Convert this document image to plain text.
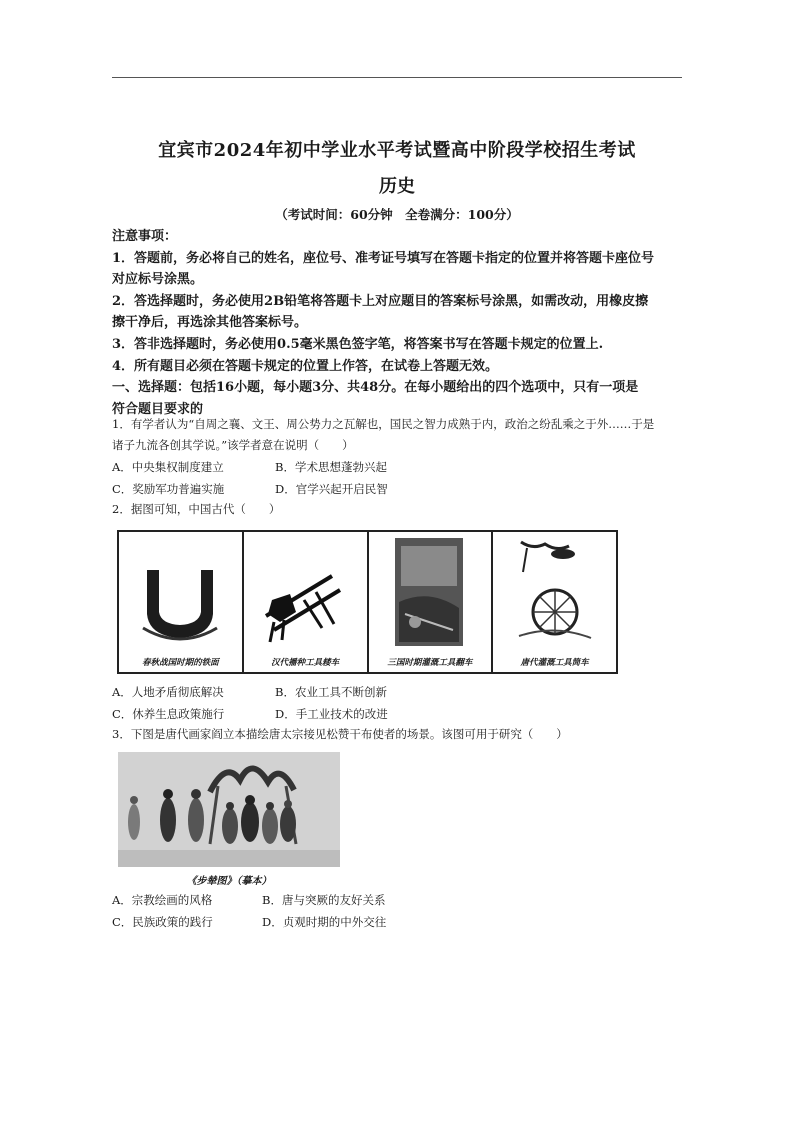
宜宾市2024年初中学业水平考试暨高中阶段学校招生考试
历史
（考试时间：60分钟　全卷满分：100分）

注意事项：

1．答题前，务必将自己的姓名，座位号、准考证号填写在答题卡指定的位置并将答题卡座位号

对应标号涂黑。

2．答选择题时，务必使用2B铅笔将答题卡上对应题目的答案标号涂黑，如需改动，用橡皮擦

擦干净后，再选涂其他答案标号。

3．答非选择题时，务必使用0.5毫米黑色签字笔，将答案书写在答题卡规定的位置上.

4．所有题目必须在答题卡规定的位置上作答，在试卷上答题无效。

一、选择题：包括16小题，每小题3分、共48分。在每小题给出的四个选项中，只有一项是

符合题目要求的

1．有学者认为“自周之襄、文王、周公势力之瓦解也，国民之智力成熟于内，政治之纷乱乘之于外……于是

诸子九流各创其学说。”该学者意在说明（　　）

A．中央集权制度建立	B．学术思想蓬勃兴起
C．奖励军功普遍实施	D．官学兴起开启民智

2．据图可知，中国古代（　　）

春秋战国时期的铁面	汉代播种工具耧车	三国时期灌溉工具翻车	唐代灌溉工具筒车
A．人地矛盾彻底解决	B．农业工具不断创新
C．休养生息政策施行	D．手工业技术的改进

3．下图是唐代画家阎立本描绘唐太宗接见松赞干布使者的场景。该图可用于研究（　　）

《步辇图》（摹本）
A．宗教绘画的风格	B．唐与突厥的友好关系
C．民族政策的践行	D．贞观时期的中外交往
